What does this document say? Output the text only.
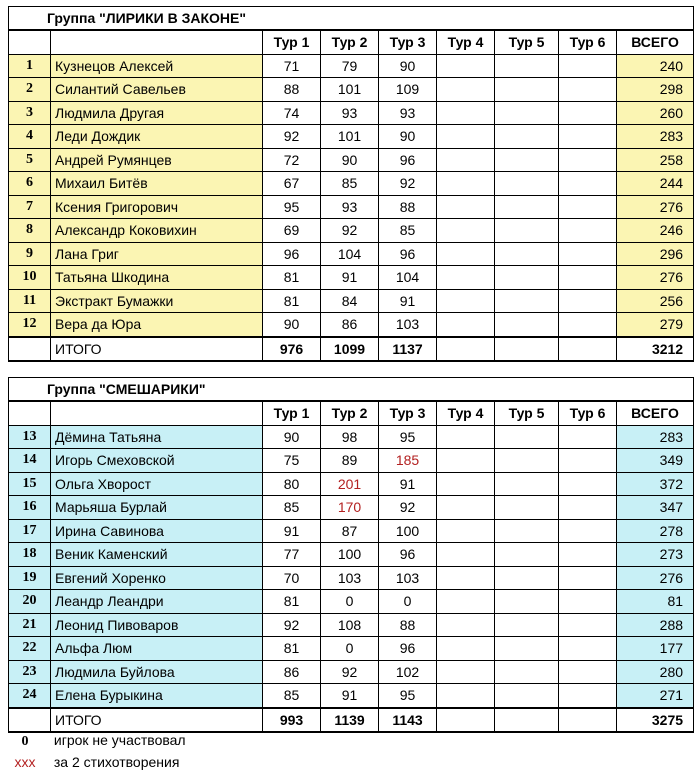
Группа "ЛИРИКИ В ЗАКОНЕ"								
		Тур 1	Тур 2	Тур 3	Тур 4	Тур 5	Тур 6	ВСЕГО
1	Кузнецов Алексей	71	79	90				240
2	Силантий Савельев	88	101	109				298
3	Людмила Другая	74	93	93				260
4	Леди Дождик	92	101	90				283
5	Андрей Румянцев	72	90	96				258
6	Михаил Битёв	67	85	92				244
7	Ксения Григорович	95	93	88				276
8	Александр Коковихин	69	92	85				246
9	Лана Григ	96	104	96				296
10	Татьяна Шкодина	81	91	104				276
11	Экстракт Бумажки	81	84	91				256
12	Вера да Юра	90	86	103				279
	ИТОГО	976	1099	1137				3212
Группа "СМЕШАРИКИ"								
		Тур 1	Тур 2	Тур 3	Тур 4	Тур 5	Тур 6	ВСЕГО
13	Дёмина Татьяна	90	98	95				283
14	Игорь Смеховской	75	89	185				349
15	Ольга Хворост	80	201	91				372
16	Марьяша Бурлай	85	170	92				347
17	Ирина Савинова	91	87	100				278
18	Веник Каменский	77	100	96				273
19	Евгений Хоренко	70	103	103				276
20	Леандр Леандри	81	0	0				81
21	Леонид Пивоваров	92	108	88				288
22	Альфа Люм	81	0	96				177
23	Людмила Буйлова	86	92	102				280
24	Елена Бурыкина	85	91	95				271
	ИТОГО	993	1139	1143				3275
0 игрок не участвовал
xxx за 2 стихотворения
